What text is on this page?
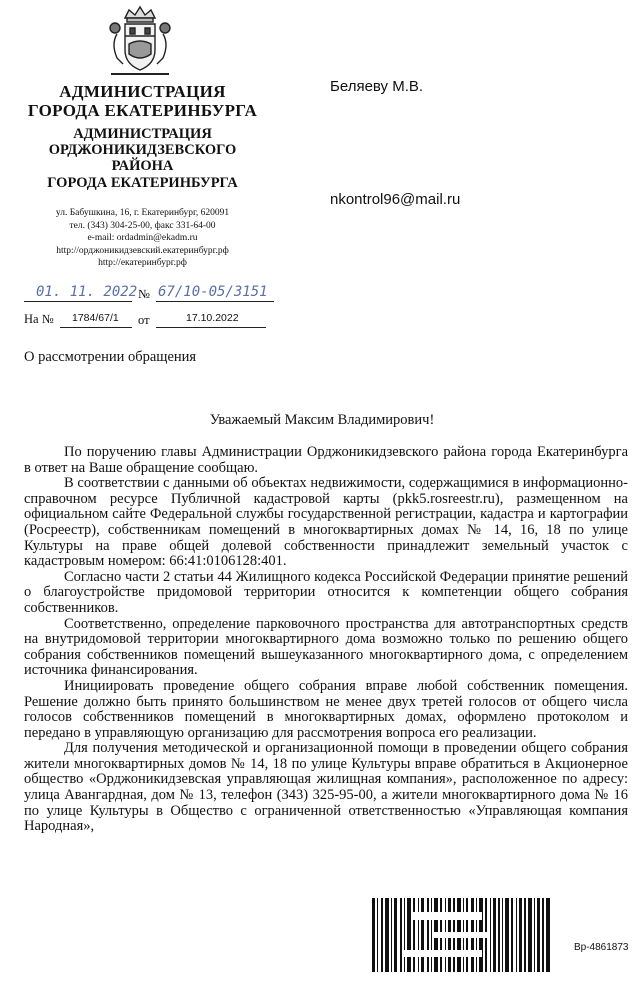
АДМИНИСТРАЦИЯ
ГОРОДА ЕКАТЕРИНБУРГА
АДМИНИСТРАЦИЯ
ОРДЖОНИКИДЗЕВСКОГО
РАЙОНА
ГОРОДА ЕКАТЕРИНБУРГА
ул. Бабушкина, 16, г. Екатеринбург, 620091
тел. (343) 304-25-00, факс 331-64-00
e-mail: ordadmin@ekadm.ru
http://орджоникидзевский.екатеринбург.рф
http://екатеринбург.рф
Беляеву М.В.
nkontrol96@mail.ru
01. 11. 2022 № 67/10-05/3151
На № 1784/67/1 от	17.10.2022
О рассмотрении обращения
Уважаемый Максим Владимирович!

По поручению главы Администрации Орджоникидзевского района города Екатеринбурга в ответ на Ваше обращение сообщаю.

В соответствии с данными об объектах недвижимости, содержащимися в информационно-справочном ресурсе Публичной кадастровой карты (pkk5.rosreestr.ru), размещенном на официальном сайте Федеральной службы государственной регистрации, кадастра и картографии (Росреестр), собственникам помещений в многоквартирных домах № 14, 16, 18 по улице Культуры на праве общей долевой собственности принадлежит земельный участок с кадастровым номером: 66:41:0106128:401.

Согласно части 2 статьи 44 Жилищного кодекса Российской Федерации принятие решений о благоустройстве придомовой территории относится к компетенции общего собрания собственников.

Соответственно, определение парковочного пространства для автотранспортных средств на внутридомовой территории многоквартирного дома возможно только по решению общего собрания собственников помещений вышеуказанного многоквартирного дома, с определением источника финансирования.

Инициировать проведение общего собрания вправе любой собственник помещения. Решение должно быть принято большинством не менее двух третей голосов от общего числа голосов собственников помещений в многоквартирных домах, оформлено протоколом и передано в управляющую организацию для рассмотрения вопроса его реализации.

Для получения методической и организационной помощи в проведении общего собрания жители многоквартирных домов № 14, 18 по улице Культуры вправе обратиться в Акционерное общество «Орджоникидзевская управляющая жилищная компания», расположенное по адресу: улица Авангардная, дом № 13, телефон (343) 325-95-00, а жители многоквартирного дома № 16 по улице Культуры в Общество с ограниченной ответственностью «Управляющая компания Народная»,

Вр-4861873
